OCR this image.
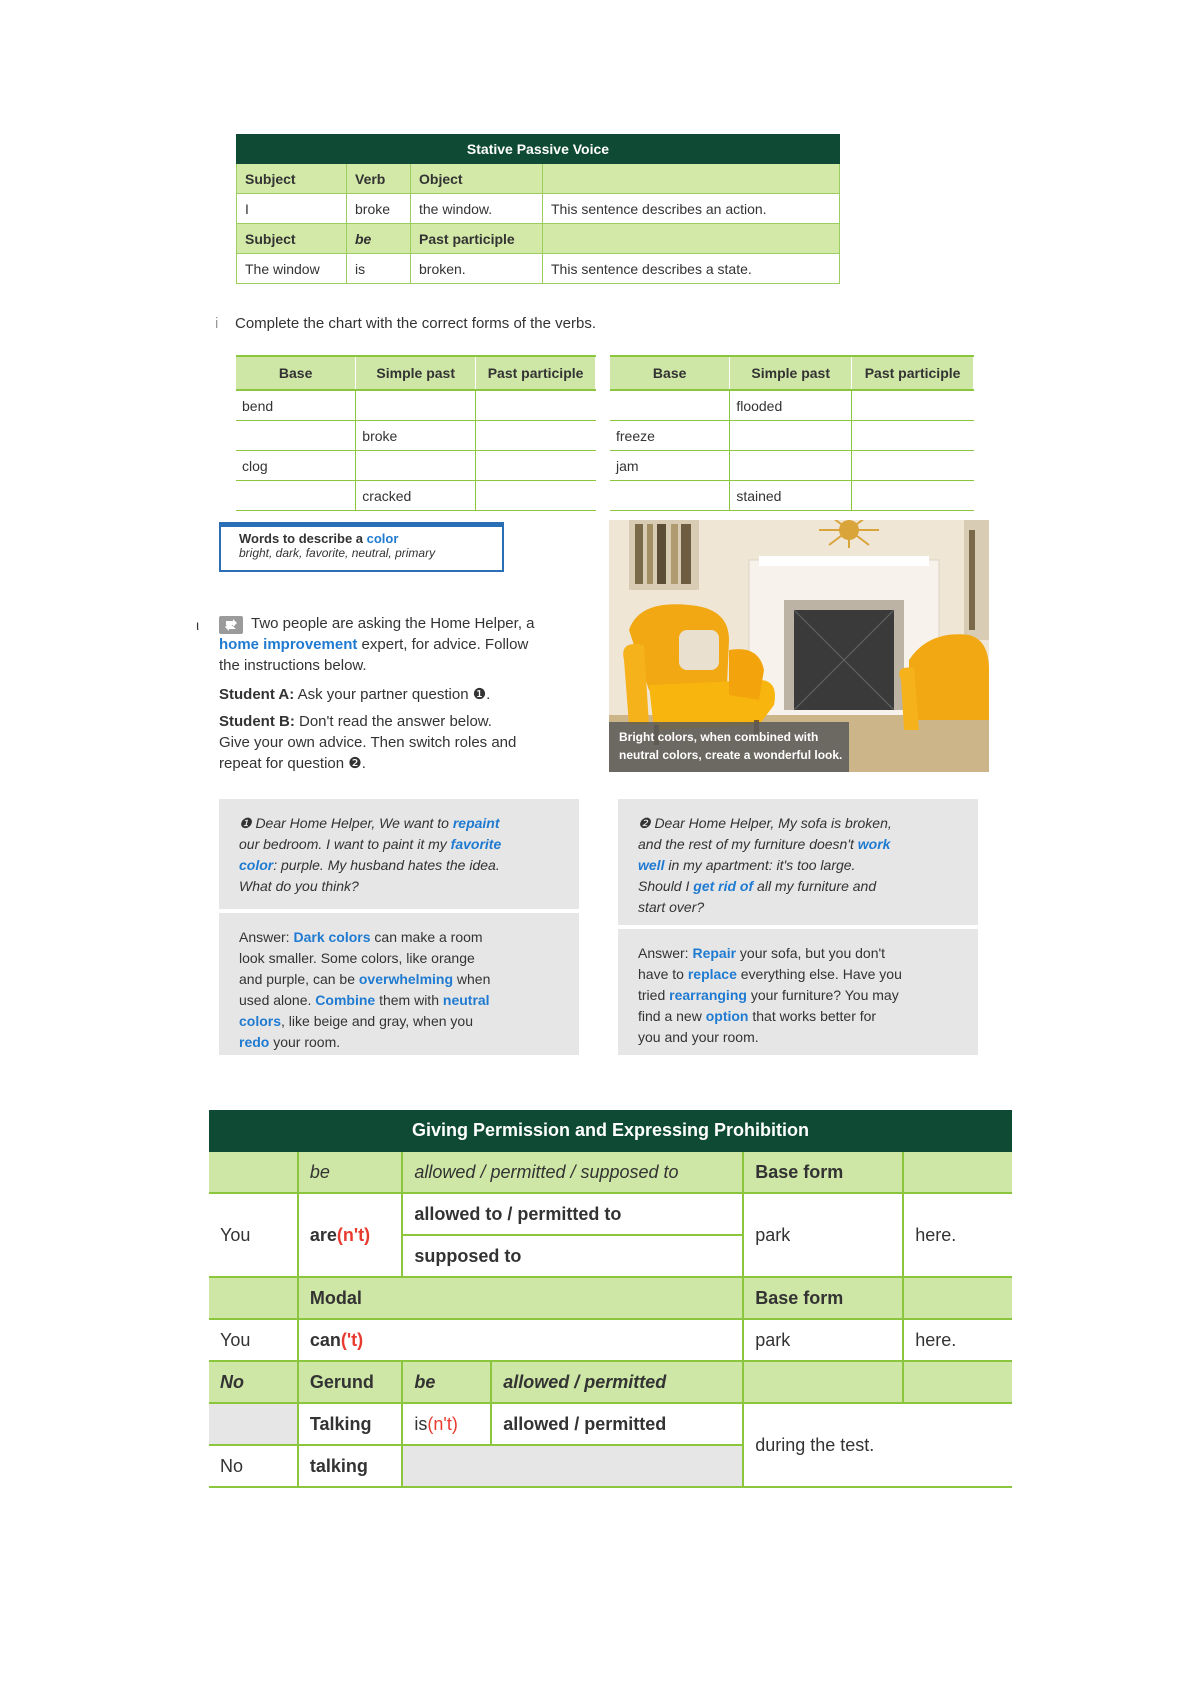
Stative Passive Voice			
Subject	Verb	Object	
I	broke	the window.	This sentence describes an action.
Subject	be	Past participle	
The window	is	broken.	This sentence describes a state.
i Complete the chart with the correct forms of the verbs.
Base	Simple past	Past participle
bend		
	broke	
clog		
	cracked	
Base	Simple past	Past participle
	flooded	
freeze		
jam		
	stained	
Words to describe a color
bright, dark, favorite, neutral, primary
Bright colors, when combined with
neutral colors, create a wonderful look.
ι	Two people are asking the Home Helper, a
home improvement expert, for advice. Follow
the instructions below.
Student A: Ask your partner question ❶.
Student B: Don't read the answer below.
Give your own advice. Then switch roles and
repeat for question ❷.
❶ Dear Home Helper, We want to repaint
our bedroom. I want to paint it my favorite
color: purple. My husband hates the idea.
What do you think?
Answer: Dark colors can make a room
look smaller. Some colors, like orange
and purple, can be overwhelming when
used alone. Combine them with neutral
colors, like beige and gray, when you
redo your room.
❷ Dear Home Helper, My sofa is broken,
and the rest of my furniture doesn't work
well in my apartment: it's too large.
Should I get rid of all my furniture and
start over?
Answer: Repair your sofa, but you don't
have to replace everything else. Have you
tried rearranging your furniture? You may
find a new option that works better for
you and your room.
Giving Permission and Expressing Prohibition					
	be	allowed / permitted / supposed to		Base form	
You	are(n't)	allowed to / permitted to		park	here.
		supposed to			
	Modal			Base form	
You	can('t)			park	here.
No	Gerund	be	allowed / permitted		
	Talking	is(n't)	allowed / permitted	during the test.	
No	talking				
